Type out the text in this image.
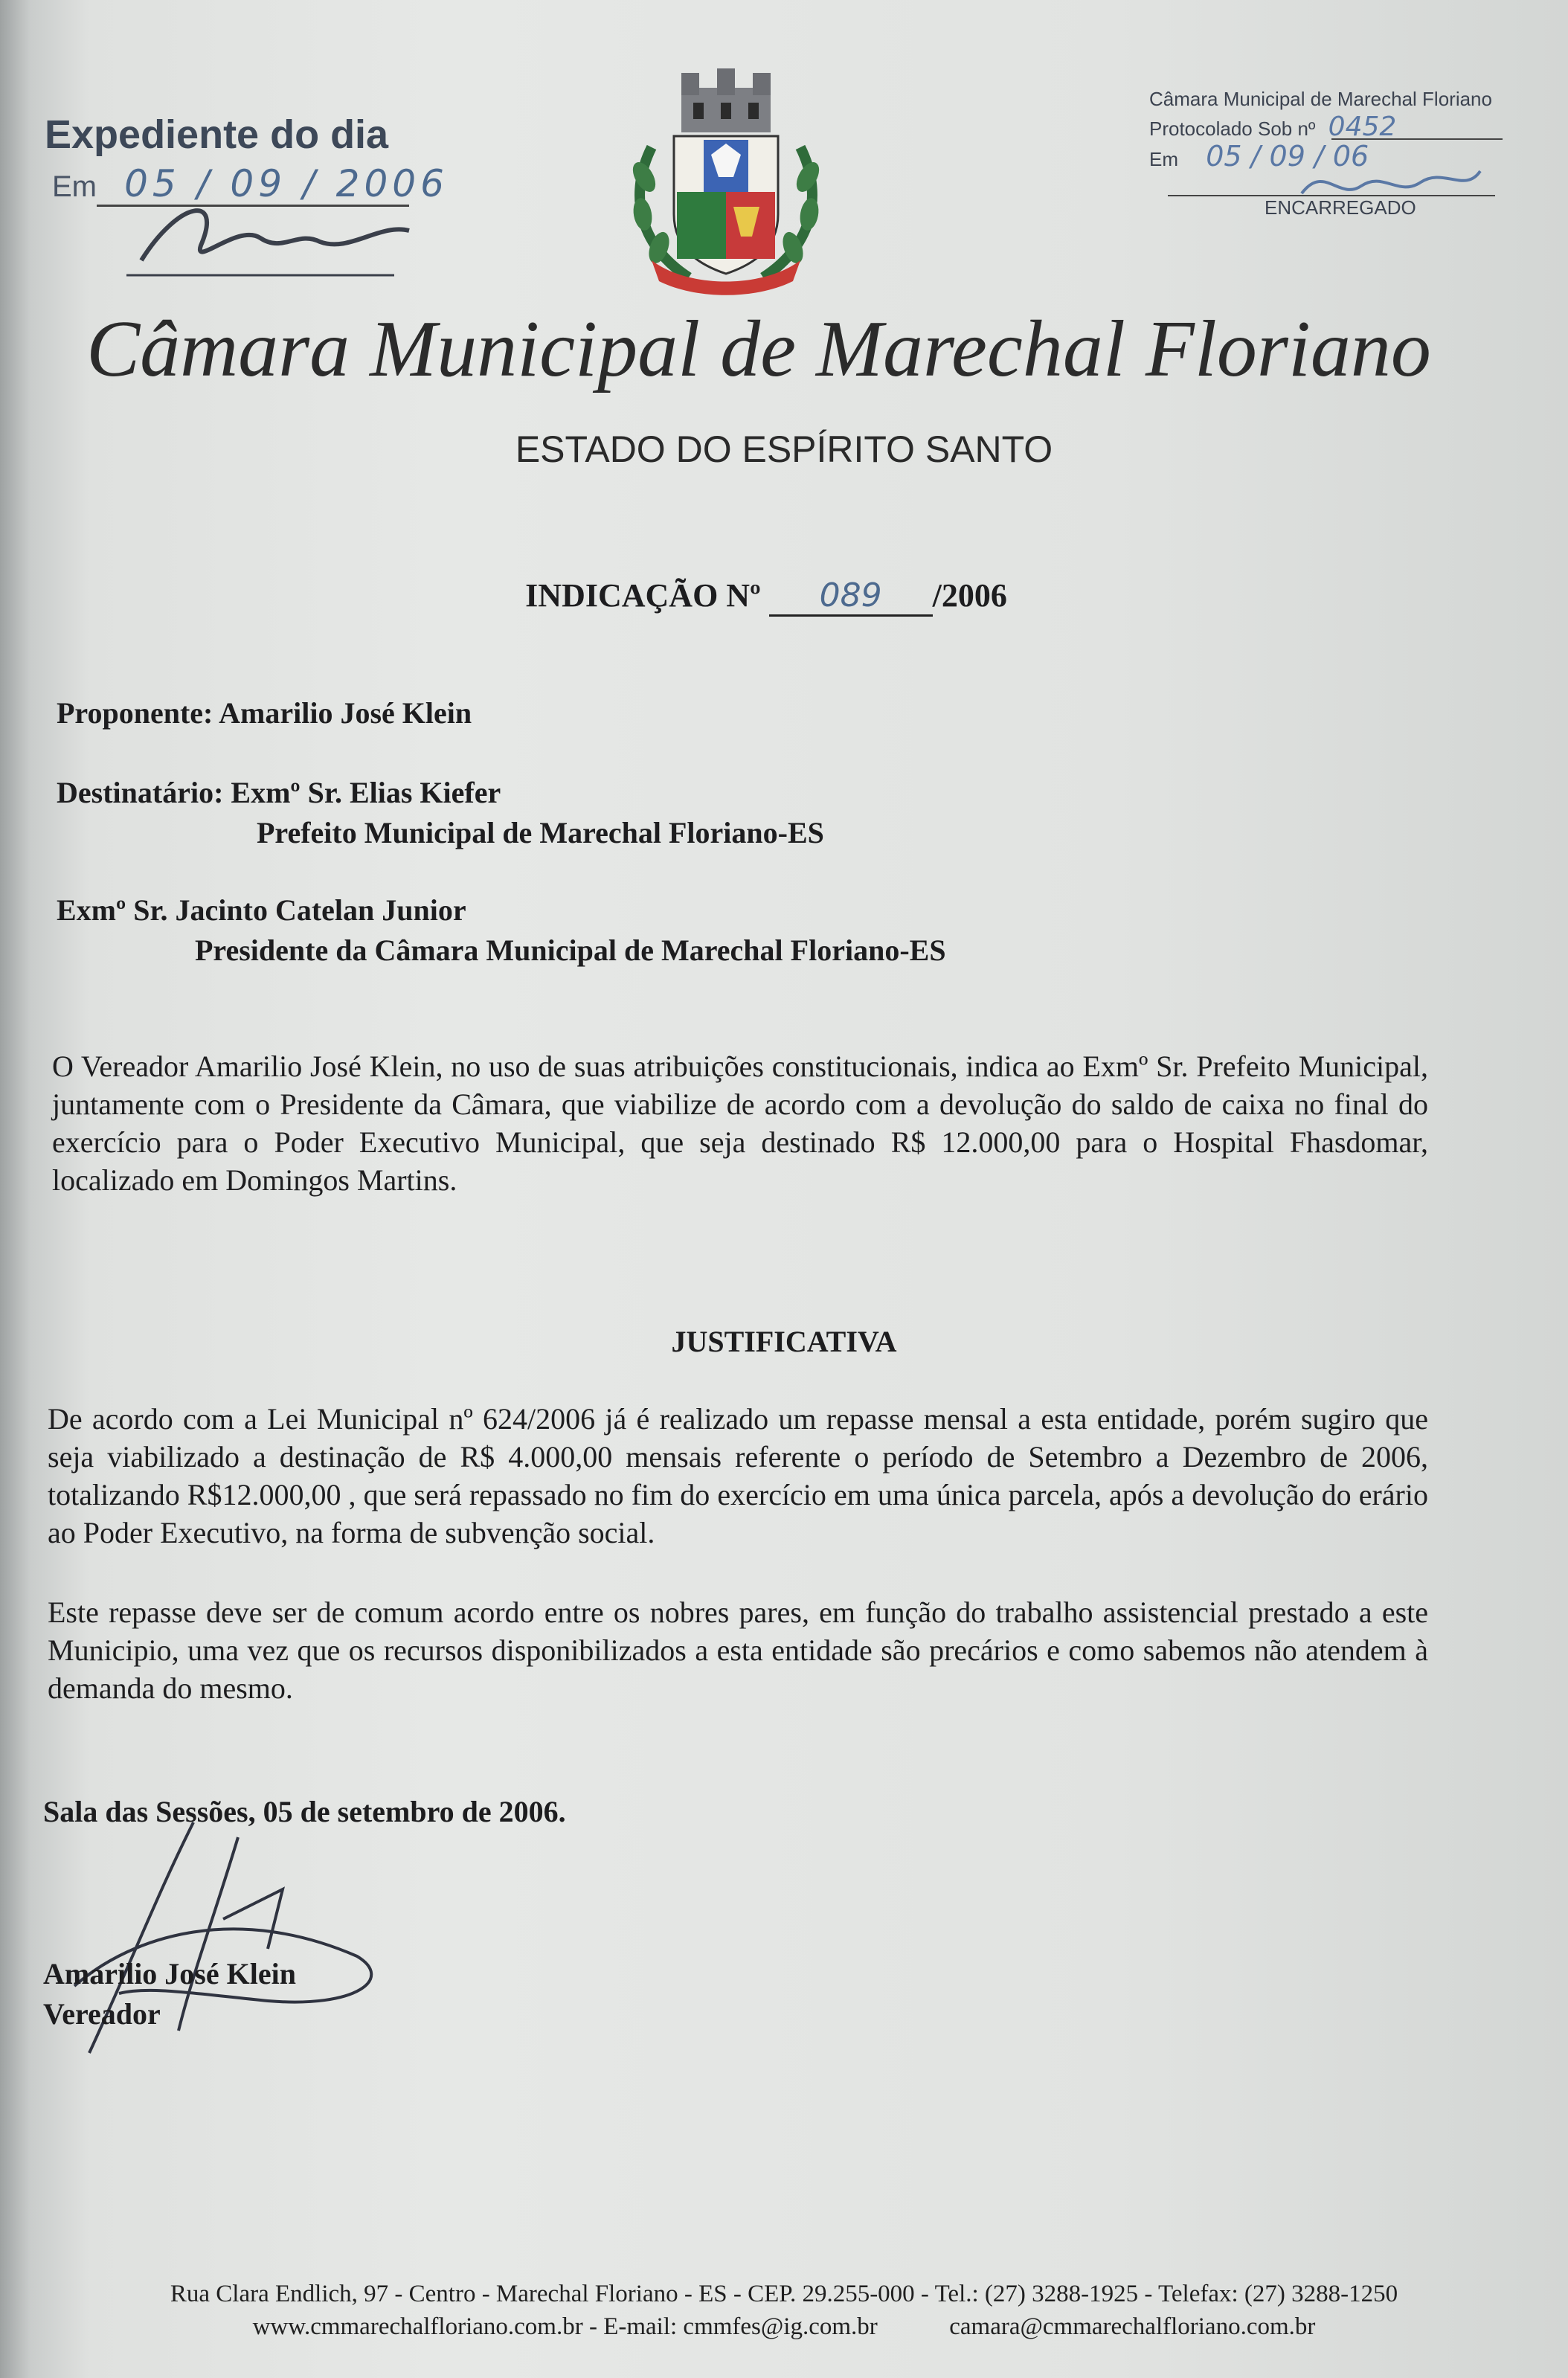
Expediente do dia
Em 05 / 09 / 2006
Câmara Municipal de Marechal Floriano
Protocolado Sob nº 0452
Em 05 / 09 / 06
ENCARREGADO
Câmara Municipal de Marechal Floriano
ESTADO DO ESPÍRITO SANTO
INDICAÇÃO Nº 089 /2006
Proponente: Amarilio José Klein
Destinatário: Exmº Sr. Elias Kiefer
Prefeito Municipal de Marechal Floriano-ES
Exmº Sr. Jacinto Catelan Junior
Presidente da Câmara Municipal de Marechal Floriano-ES
O Vereador Amarilio José Klein, no uso de suas atribuições constitucionais, indica ao Exmº Sr. Prefeito Municipal, juntamente com o Presidente da Câmara, que viabilize de acordo com a devolução do saldo de caixa no final do exercício para o Poder Executivo Municipal, que seja destinado R$ 12.000,00 para o Hospital Fhasdomar, localizado em Domingos Martins.
JUSTIFICATIVA
De acordo com a Lei Municipal nº 624/2006 já é realizado um repasse mensal a esta entidade, porém sugiro que seja viabilizado a destinação de R$ 4.000,00 mensais referente o período de Setembro a Dezembro de 2006, totalizando R$12.000,00 , que será repassado no fim do exercício em uma única parcela, após a devolução do erário ao Poder Executivo, na forma de subvenção social.
Este repasse deve ser de comum acordo entre os nobres pares, em função do trabalho assistencial prestado a este Municipio, uma vez que os recursos disponibilizados a esta entidade são precários e como sabemos não atendem à demanda do mesmo.
Sala das Sessões, 05 de setembro de 2006.
Amarilio José Klein
Vereador
Rua Clara Endlich, 97 - Centro - Marechal Floriano - ES - CEP. 29.255-000 - Tel.: (27) 3288-1925 - Telefax: (27) 3288-1250
www.cmmarechalfloriano.com.br - E-mail: cmmfes@ig.com.br	camara@cmmarechalfloriano.com.br
